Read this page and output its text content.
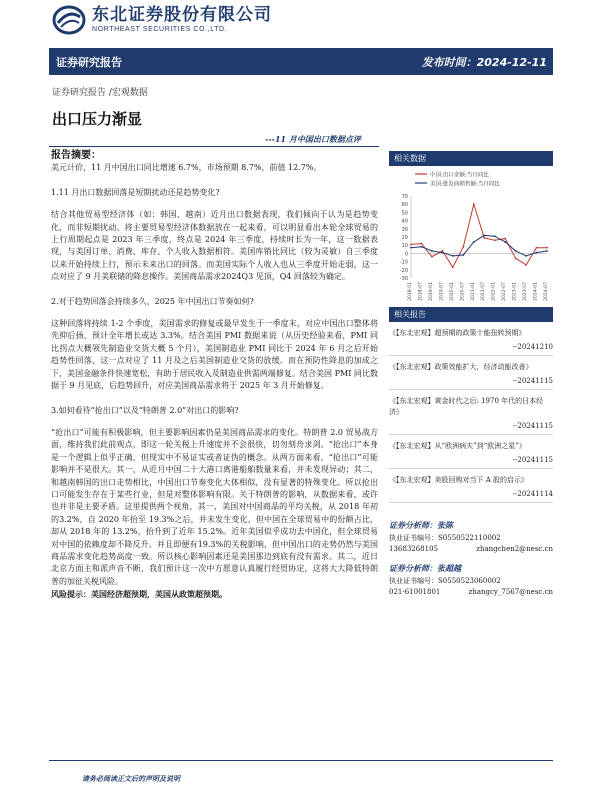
东北证券股份有限公司
NORTHEAST SECURITIES CO.,LTD.
证券研究报告	发布时间：2024-12-11
证券研究报告 /宏观数据
出口压力渐显
---11 月中国出口数据点评
报告摘要：

美元计价，11 月中国出口同比增速 6.7%，市场预期 8.7%，前值 12.7%。

1.11 月出口数据回落是短期扰动还是趋势变化?

结合其他贸易型经济体（如：韩国、越南）近月出口数据表现，我们倾向于认为是趋势变化，而非短期扰动。将主要贸易型经济体数据放在一起来看，可以明显看出本轮全球贸易的上行周期起点是 2023 年三季度，终点是 2024 年三季度，持续时长为一年，这一数据表现，与美国订单、消费、库存、个人收入数据相符。美国库销比同比（较为灵敏）自三季度以来开始持续上行，预示未来出口的回落。而美国实际个人收入也从三季度开始走弱，这一点对应了 9 月美联储的降息操作。美国商品需求2024Q3 见顶，Q4 回落较为确定。

2.对于趋势回落会持续多久，2025 年中国出口节奏如何?

这种回落将持续 1-2 个季度，美国需求的修复或最早发生于一季度末，对应中国出口整体将先抑后扬，预计全年增长或达 3.3%。结合美国 PMI 数据来说（从历史经验来看，PMI 同比拐点大概领先制造业交货大概 5 个月），美国制造业 PMI 同比于 2024 年 6 月之后开始趋势性回落，这一点对应了 11 月及之后美国制造业交货的放缓。而在预防性降息的加成之下，美国金融条件快速宽松，有助于居民收入及制造业供需两端修复。结合美国 PMI 同比数据于 9 月见底，后趋势回升，对应美国商品需求将于 2025 年 3 月开始修复。

3.如何看待“抢出口”以及“特朗普 2.0”对出口的影响?

“抢出口”可能有积极影响，但主要影响因素仍是美国商品需求的变化。特朗普 2.0 贸易战方面，维持我们此前观点，即这一轮关税上升速度并不会很快，切勿刻舟求剑。“抢出口”本身是一个逻辑上似乎正确，但现实中不易证实或者证伪的概念。从两方面来看，“抢出口”可能影响并不是很大。其一，从近月中国二十大港口离港船舶数量来看，并未发现异动；其二，和越南韩国的出口走势相比，中国出口节奏变化大体相似，没有显著的特殊变化。所以抢出口可能发生存在于某些行业，但是对整体影响有限。关于特朗普的影响，从数据来看，或许也并非是主要矛盾。这里提供两个视角，其一，美国对中国商品的平均关税，从 2018 年初的3.2%，自 2020 年抬至 19.3%之后，并未发生变化，但中国在全球贸易中的份额占比，却从 2018 年的 13.2%，抬升到了近年 15.2%。近年美国似乎成功去中国化，但全球贸易对中国的依赖度却不降反升。并且即便有19.3%的关税影响，但中国出口的走势仍然与美国商品需求变化趋势高度一致。所以核心影响因素还是美国那边到底有没有需求。其二，近日北京方面主和派声音不断，我们预计这一次中方愿意认真履行经贸协定，这将大大降低特朗普的加征关税风险。

风险提示：美国经济超预期，美国从政策超预期。

相关数据
中国:出口金额:当月同比
美国:批发商销售额:当月同比
70
60
50
40
30
20
10
0
-10
-20
-30
2018-01 2018-07 2019-01 2019-07 2020-01 2020-07 2021-01 2021-07 2022-01 2022-07 2023-01 2023-07 2024-01 2024-07
相关报告
《【东北宏观】超预期的政策十能扭转预期》
--20241210
《【东北宏观】政策效能扩大，经济动能改善》
--20241115
《【东北宏观】黄金时代之后: 1970 年代的日本经济》
--20241115
《【东北宏观】从“欧洲病夫”到“欧洲之星”》
--20241115
《【东北宏观】美股回购对当下 A 股的启示》
--20241114
证券分析师：张陈
执业证书编号：S0550522110002
13683268105	zhangchen2@nesc.cn
证券分析师：张超越
执业证书编号：S0550523060002
021-61001801	zhangcy_7567@nesc.cn
请务必阅读正文后的声明及说明
